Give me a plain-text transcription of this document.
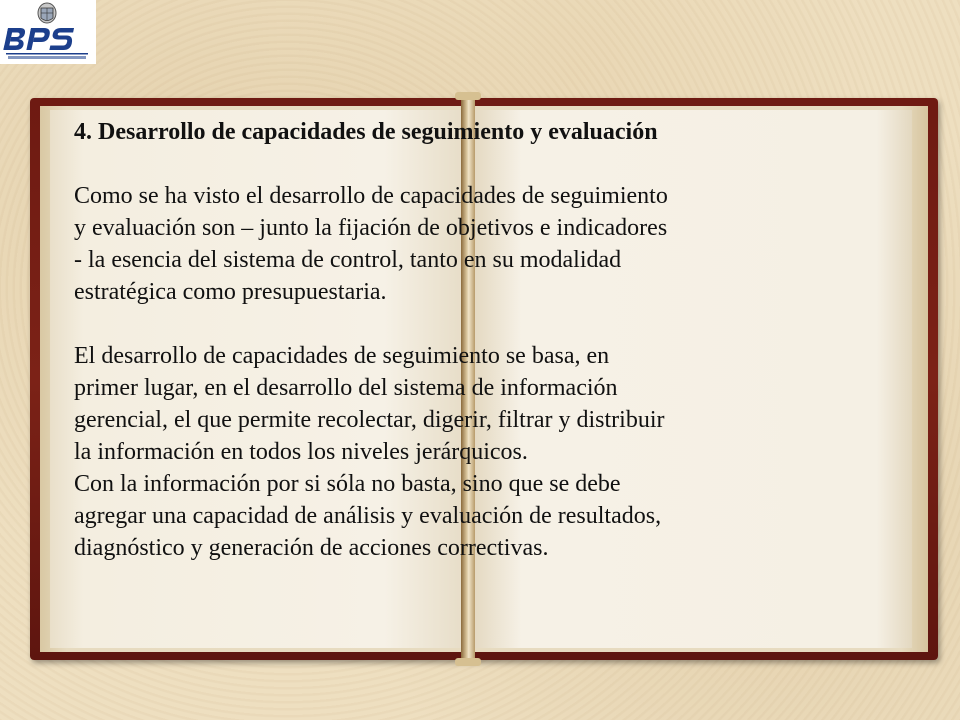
4. Desarrollo de capacidades de seguimiento y evaluación

Como se ha visto el desarrollo de capacidades de seguimiento

y evaluación son – junto la fijación de objetivos e indicadores

- la esencia del sistema de control, tanto en su modalidad

estratégica como presupuestaria.

El desarrollo de capacidades de seguimiento se basa, en

primer lugar, en el desarrollo del sistema de información

gerencial, el que permite recolectar, digerir, filtrar y distribuir

la información en todos los niveles jerárquicos.

Con la información por si sóla no basta, sino que se debe

agregar una capacidad de análisis y evaluación de resultados,

diagnóstico y generación de acciones correctivas.
